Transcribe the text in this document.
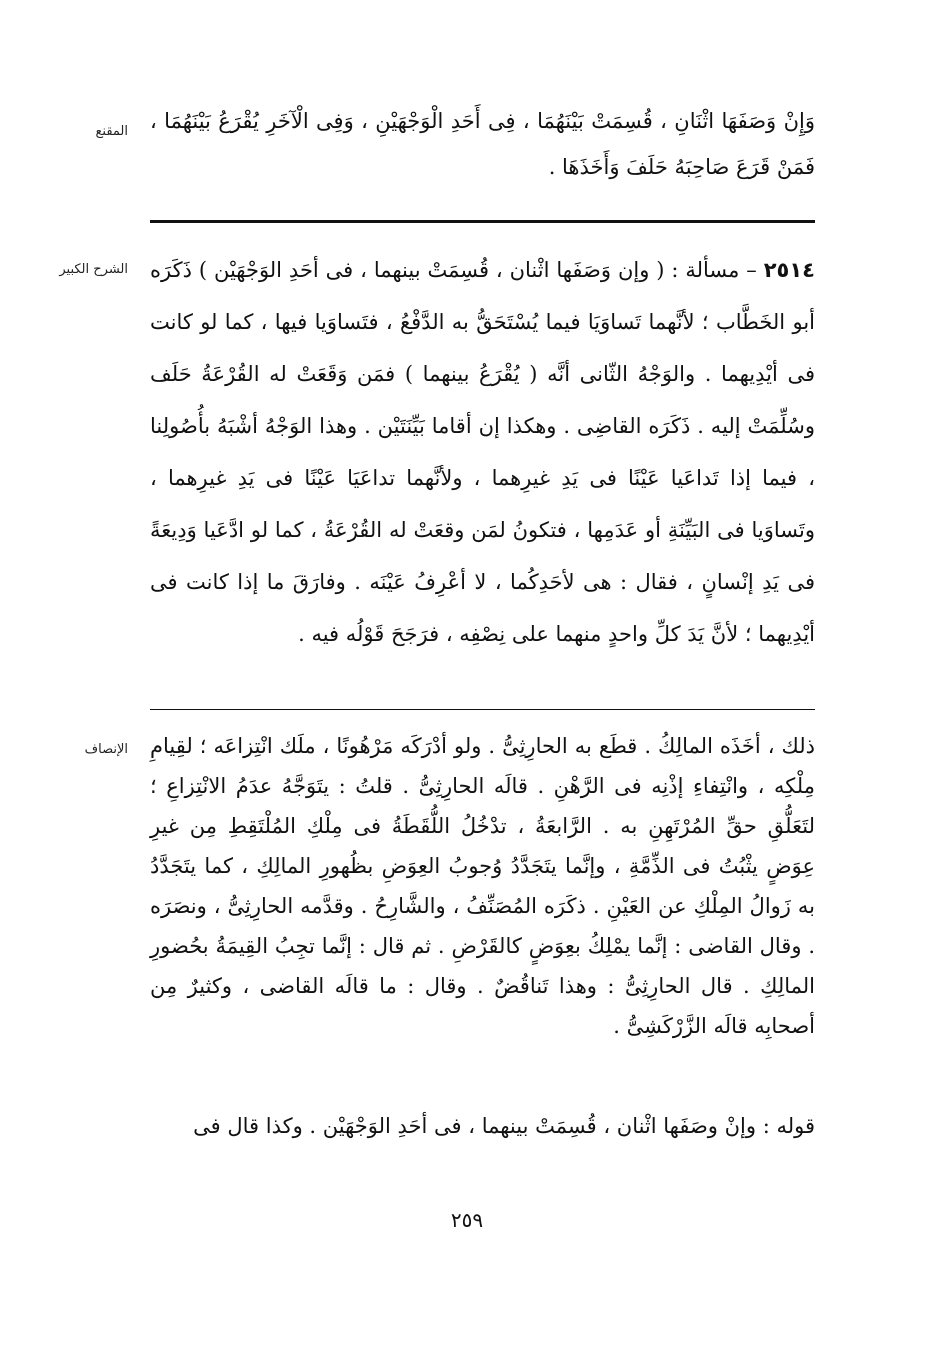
المقنع وَإِنْ وَصَفَهَا اثْنَانِ ، قُسِمَتْ بَيْنَهُمَا ، فِى أَحَدِ الْوَجْهَيْنِ ، وَفِى الْآخَرِ يُقْرَعُ بَيْنَهُمَا ، فَمَنْ قَرَعَ صَاحِبَهُ حَلَفَ وَأَخَذَهَا .

الشرح الكبير	٢٥١٤ – مسألة : ( وإن وَصَفَها اثْنان ، قُسِمَتْ بينهما ، فى أحَدِ الوَجْهَيْن ) ذَكَرَه أبو الخَطَّاب ؛ لأنَّهما تَساوَيَا فيما يُسْتَحَقُّ به الدَّفْعُ ، فتَساوَيا فيها ، كما لو كانت فى أيْدِيهما . والوَجْهُ الثّانى أنَّه ( يُقْرَعُ بينهما ) فمَن وَقَعَتْ له القُرْعَةُ حَلَف وسُلِّمَتْ إليه . ذَكَرَه القاضِى . وهكذا إن أقاما بَيِّنَتَيْن . وهذا الوَجْهُ أشْبَهُ بأُصُولِنا ، فيما إذا تَداعَيا عَيْنًا فى يَدِ غيرِهما ، ولأنَّهما تداعَيَا عَيْنًا فى يَدِ غيرِهما ، وتَساوَيا فى البَيِّنَةِ أو عَدَمِها ، فتكونُ لمَن وقعَتْ له القُرْعَةُ ، كما لو ادَّعَيا وَدِيعَةً فى يَدِ إنْسانٍ ، فقال : هى لأحَدِكُما ، لا أعْرِفُ عَيْنَه . وفارَقَ ما إذا كانت فى أيْدِيهما ؛ لأنَّ يَدَ كلِّ واحدٍ منهما على نِصْفِه ، فرَجَحَ قَوْلُه فيه .

الإنصاف ذلك ، أخَذَه المالِكُ . قطَع به الحارِثِىُّ . ولو أدْرَكَه مَرْهُونًا ، ملَك انْتِزاعَه ؛ لقِيامِ مِلْكِه ، وانْتِفاءِ إذْنِه فى الرَّهْنِ . قالَه الحارِثِىُّ . قلتُ : يتَوَجَّهُ عدَمُ الانْتِزاعِ ؛ لتَعَلُّقِ حقِّ المُرْتَهِنِ به . الرَّابعَةُ ، تدْخُلُ اللُّقَطَةُ فى مِلْكِ المُلْتَقِطِ مِن غيرِ عِوَضٍ يثْبُتُ فى الذِّمَّةِ ، وإنَّما يتَجَدَّدُ وُجوبُ العِوَضِ بظُهورِ المالِكِ ، كما يتَجَدَّدُ به زَوالُ المِلْكِ عن العَيْنِ . ذكَرَه المُصَنِّفُ ، والشَّارِحُ . وقدَّمه الحارِثِىُّ ، ونصَرَه . وقال القاضى : إنَّما يمْلِكُ بعِوَضٍ كالقَرْضِ . ثم قال : إنَّما تجِبُ القِيمَةُ بحُضورِ المالِكِ . قال الحارِثِىُّ : وهذا تَناقُضٌ . وقال : ما قالَه القاضى ، وكثيرٌ مِن أصحابِه قالَه الزَّرْكَشِىُّ .

قوله : وإنْ وصَفَها اثْنان ، قُسِمَتْ بينهما ، فى أحَدِ الوَجْهَيْن . وكذا قال فى

٢٥٩
